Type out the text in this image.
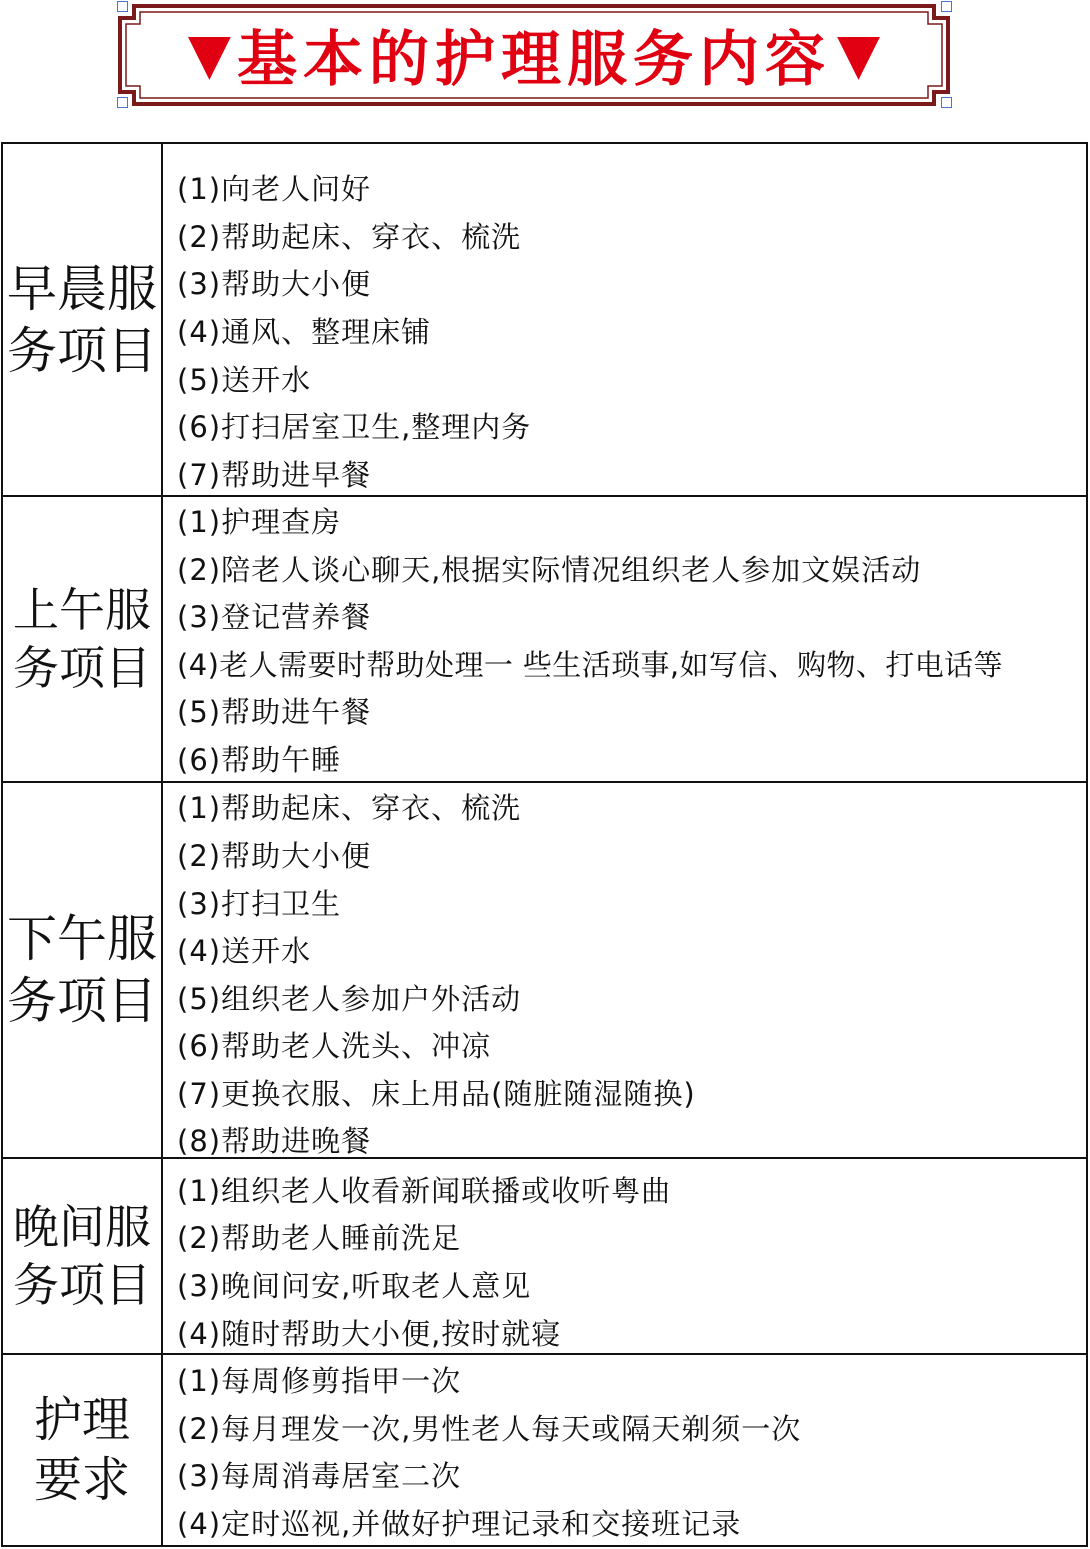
▼ 基本的护理服务内容 ▼
早晨服务项目
(1)向老人问好
(2)帮助起床、穿衣、梳洗
(3)帮助大小便
(4)通风、整理床铺
(5)送开水
(6)打扫居室卫生,整理内务
(7)帮助进早餐
上午服务项目
(1)护理查房
(2)陪老人谈心聊天,根据实际情况组织老人参加文娱活动
(3)登记营养餐
(4)老人需要时帮助处理一 些生活琐事,如写信、购物、打电话等
(5)帮助进午餐
(6)帮助午睡
下午服务项目
(1)帮助起床、穿衣、梳洗
(2)帮助大小便
(3)打扫卫生
(4)送开水
(5)组织老人参加户外活动
(6)帮助老人洗头、冲凉
(7)更换衣服、床上用品(随脏随湿随换)
(8)帮助进晚餐
晚间服务项目
(1)组织老人收看新闻联播或收听粤曲
(2)帮助老人睡前洗足
(3)晚间问安,听取老人意见
(4)随时帮助大小便,按时就寝
护理要求
(1)每周修剪指甲一次
(2)每月理发一次,男性老人每天或隔天剃须一次
(3)每周消毒居室二次
(4)定时巡视,并做好护理记录和交接班记录
